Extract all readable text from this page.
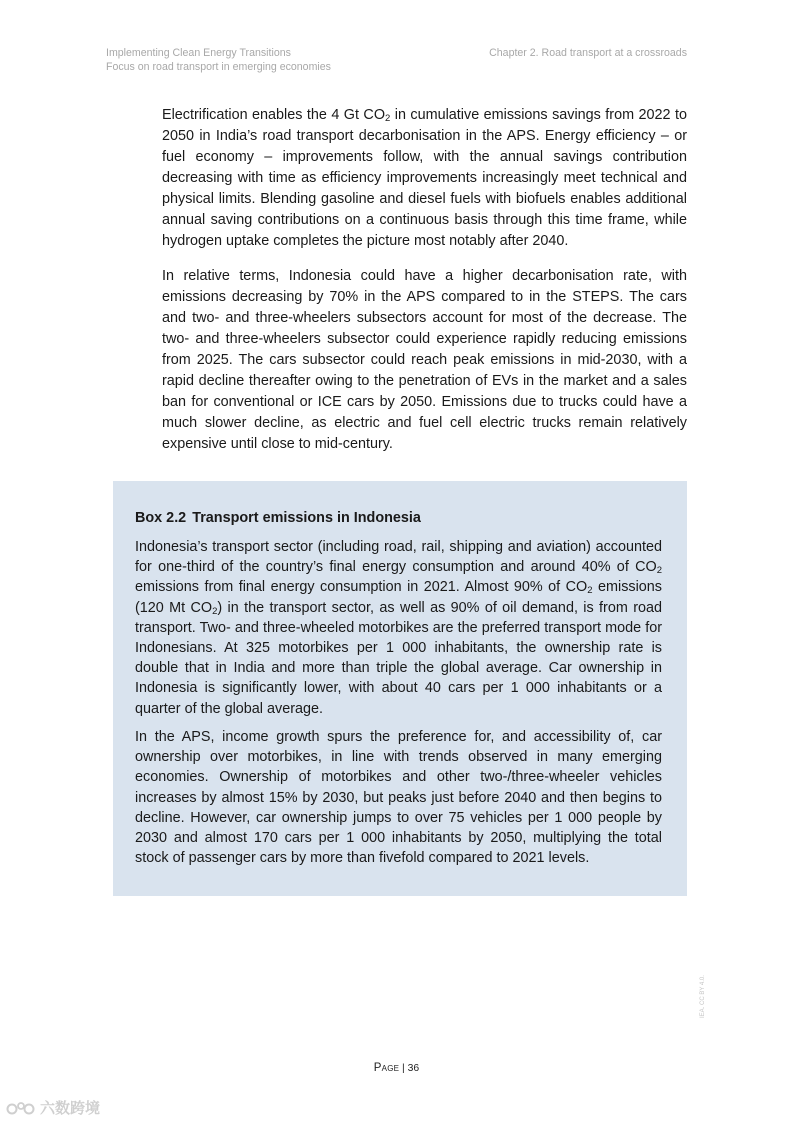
Implementing Clean Energy Transitions
Focus on road transport in emerging economies
Chapter 2. Road transport at a crossroads

Electrification enables the 4 Gt $CO_2$ in cumulative emissions savings from 2022 to 2050 in India’s road transport decarbonisation in the APS. Energy efficiency – or fuel economy – improvements follow, with the annual savings contribution decreasing with time as efficiency improvements increasingly meet technical and physical limits. Blending gasoline and diesel fuels with biofuels enables additional annual saving contributions on a continuous basis through this time frame, while hydrogen uptake completes the picture most notably after 2040.

In relative terms, Indonesia could have a higher decarbonisation rate, with emissions decreasing by 70% in the APS compared to in the STEPS. The cars and two- and three-wheelers subsectors account for most of the decrease. The two- and three-wheelers subsector could experience rapidly reducing emissions from 2025. The cars subsector could reach peak emissions in mid-2030, with a rapid decline thereafter owing to the penetration of EVs in the market and a sales ban for conventional or ICE cars by 2050. Emissions due to trucks could have a much slower decline, as electric and fuel cell electric trucks remain relatively expensive until close to mid-century.

Box 2.2 Transport emissions in Indonesia

Indonesia’s transport sector (including road, rail, shipping and aviation) accounted for one-third of the country’s final energy consumption and around 40% of $CO_2$ emissions from final energy consumption in 2021. Almost 90% of $CO_2$ emissions (120 Mt $CO_2$) in the transport sector, as well as 90% of oil demand, is from road transport. Two- and three-wheeled motorbikes are the preferred transport mode for Indonesians. At 325 motorbikes per 1 000 inhabitants, the ownership rate is double that in India and more than triple the global average. Car ownership in Indonesia is significantly lower, with about 40 cars per 1 000 inhabitants or a quarter of the global average.

In the APS, income growth spurs the preference for, and accessibility of, car ownership over motorbikes, in line with trends observed in many emerging economies. Ownership of motorbikes and other two-/three-wheeler vehicles increases by almost 15% by 2030, but peaks just before 2040 and then begins to decline. However, car ownership jumps to over 75 vehicles per 1 000 people by 2030 and almost 170 cars per 1 000 inhabitants by 2050, multiplying the total stock of passenger cars by more than fivefold compared to 2021 levels.

Page | 36
IEA. CC BY 4.0.
六数跨境
